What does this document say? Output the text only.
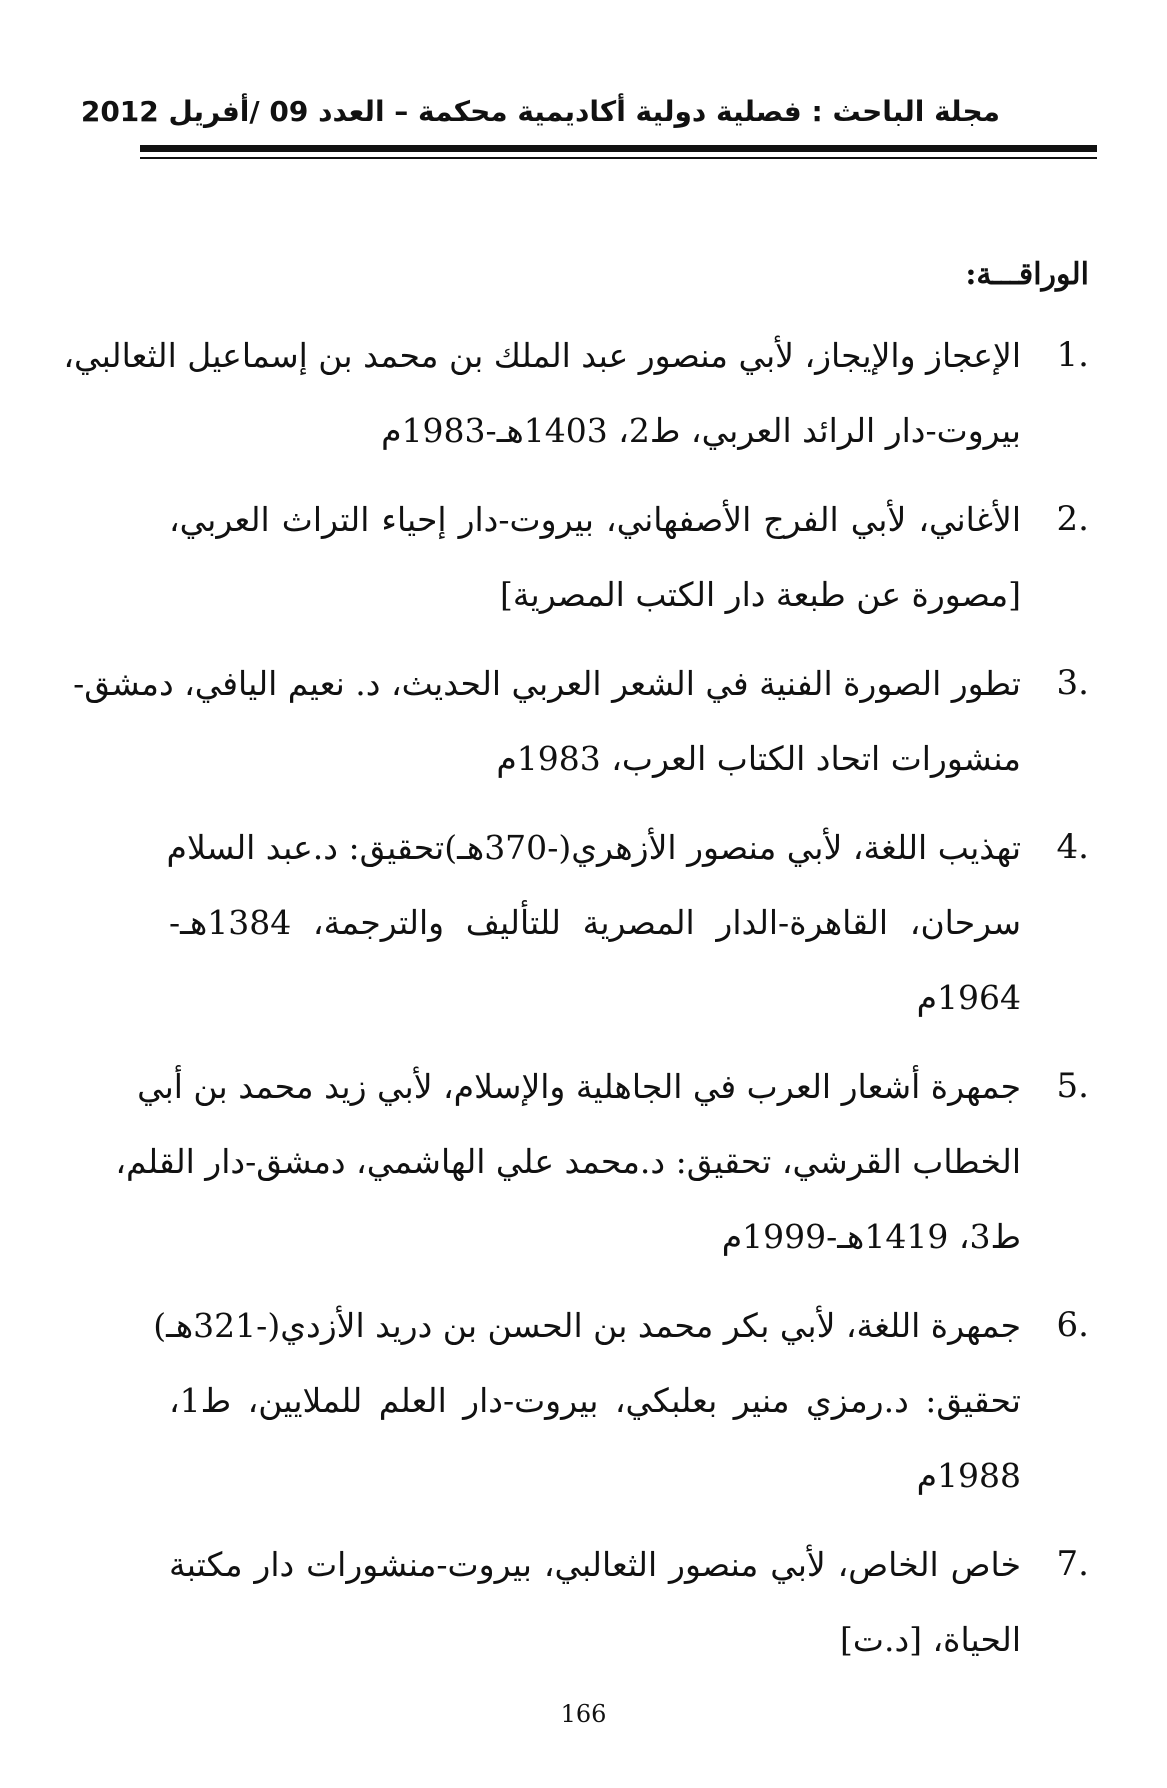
مجلة الباحث : فصلية دولية أكاديمية محكمة – العدد 09 /أفريل 2012
الوراقـــة:
1.
الإعجاز والإيجاز، لأبي منصور عبد الملك بن محمد بن إسماعيل الثعالبي،
بيروت-دار الرائد العربي، ط2، 1403هـ-1983م
2.
الأغاني، لأبي الفرج الأصفهاني، بيروت-دار إحياء التراث العربي،
[مصورة عن طبعة دار الكتب المصرية]
3.
تطور الصورة الفنية في الشعر العربي الحديث، د. نعيم اليافي، دمشق-
منشورات اتحاد الكتاب العرب، 1983م
4.
تهذيب اللغة، لأبي منصور الأزهري(-370هـ)تحقيق: د.عبد السلام
سرحان، القاهرة-الدار المصرية للتأليف والترجمة، 1384هـ-
1964م
5.
جمهرة أشعار العرب في الجاهلية والإسلام، لأبي زيد محمد بن أبي
الخطاب القرشي، تحقيق: د.محمد علي الهاشمي، دمشق-دار القلم،
ط3، 1419هـ-1999م
6.
جمهرة اللغة، لأبي بكر محمد بن الحسن بن دريد الأزدي(-321هـ)
تحقيق: د.رمزي منير بعلبكي، بيروت-دار العلم للملايين، ط1،
1988م
7.
خاص الخاص، لأبي منصور الثعالبي، بيروت-منشورات دار مكتبة
الحياة، [د.ت]
166
